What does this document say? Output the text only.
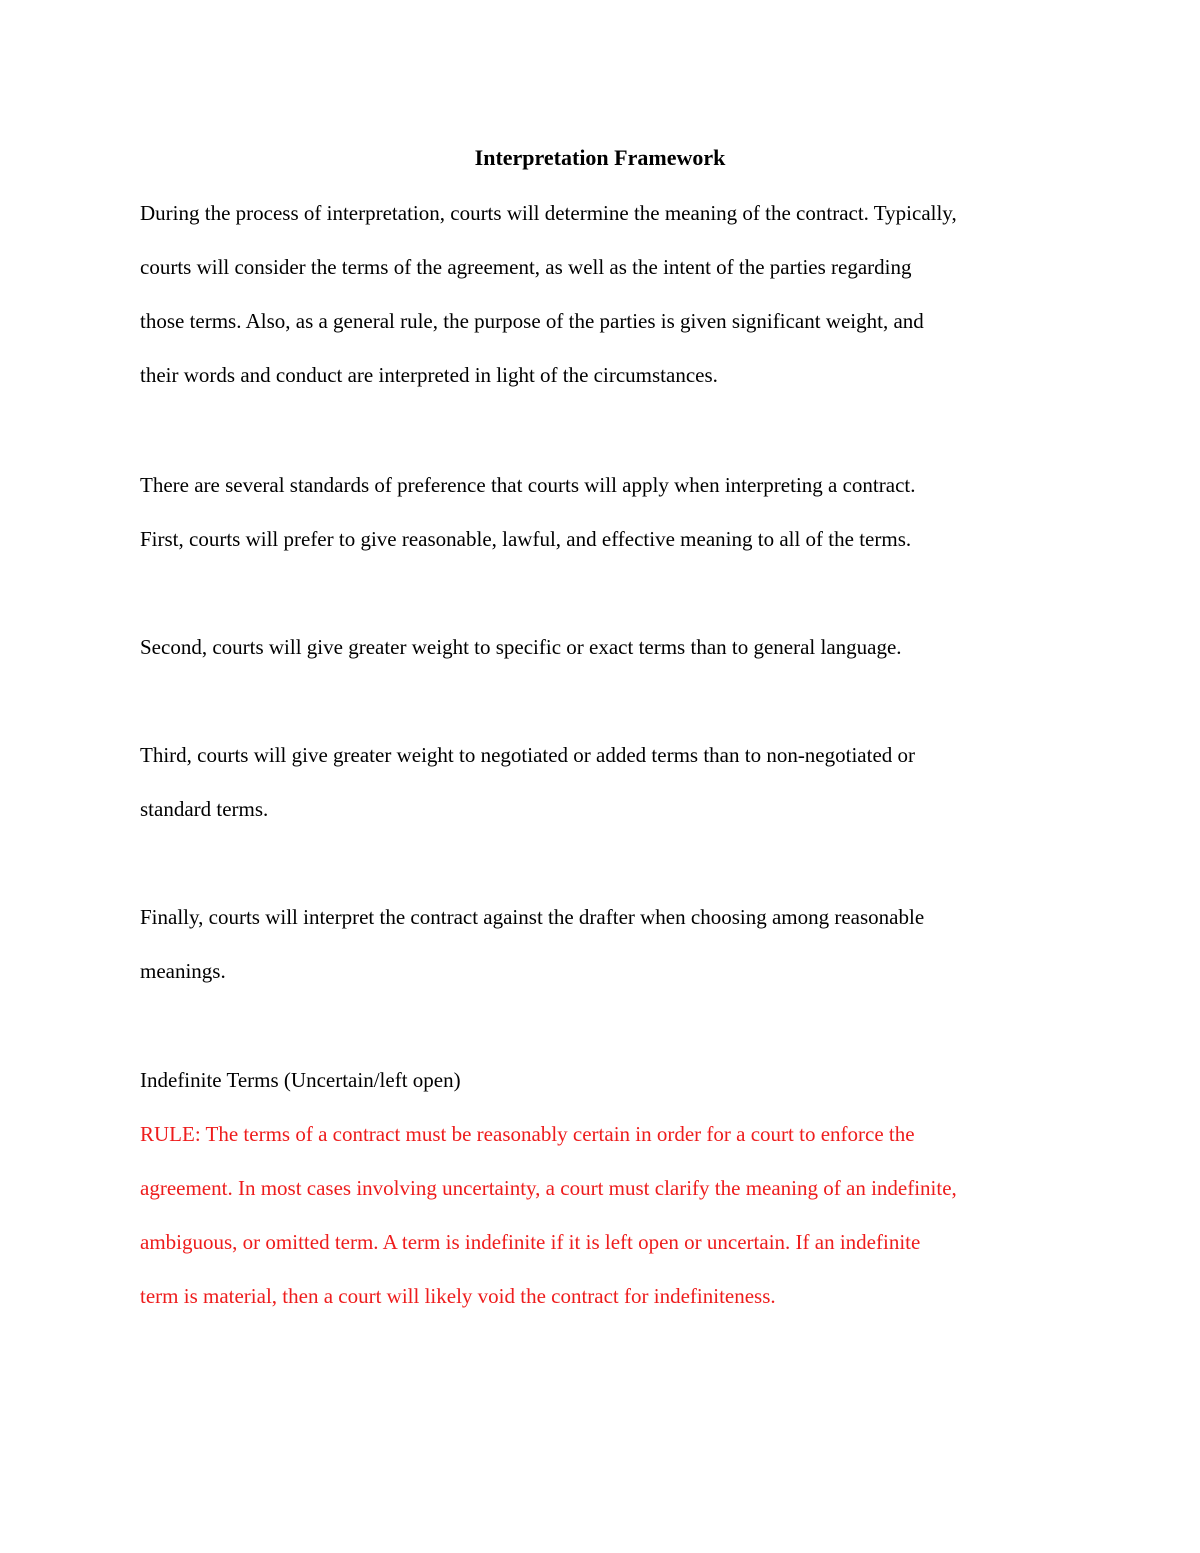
Interpretation Framework
During the process of interpretation, courts will determine the meaning of the contract. Typically,
courts will consider the terms of the agreement, as well as the intent of the parties regarding
those terms. Also, as a general rule, the purpose of the parties is given significant weight, and
their words and conduct are interpreted in light of the circumstances.
There are several standards of preference that courts will apply when interpreting a contract.
First, courts will prefer to give reasonable, lawful, and effective meaning to all of the terms.
Second, courts will give greater weight to specific or exact terms than to general language.
Third, courts will give greater weight to negotiated or added terms than to non-negotiated or
standard terms.
Finally, courts will interpret the contract against the drafter when choosing among reasonable
meanings.
Indefinite Terms (Uncertain/left open)
RULE: The terms of a contract must be reasonably certain in order for a court to enforce the
agreement. In most cases involving uncertainty, a court must clarify the meaning of an indefinite,
ambiguous, or omitted term. A term is indefinite if it is left open or uncertain. If an indefinite
term is material, then a court will likely void the contract for indefiniteness.
